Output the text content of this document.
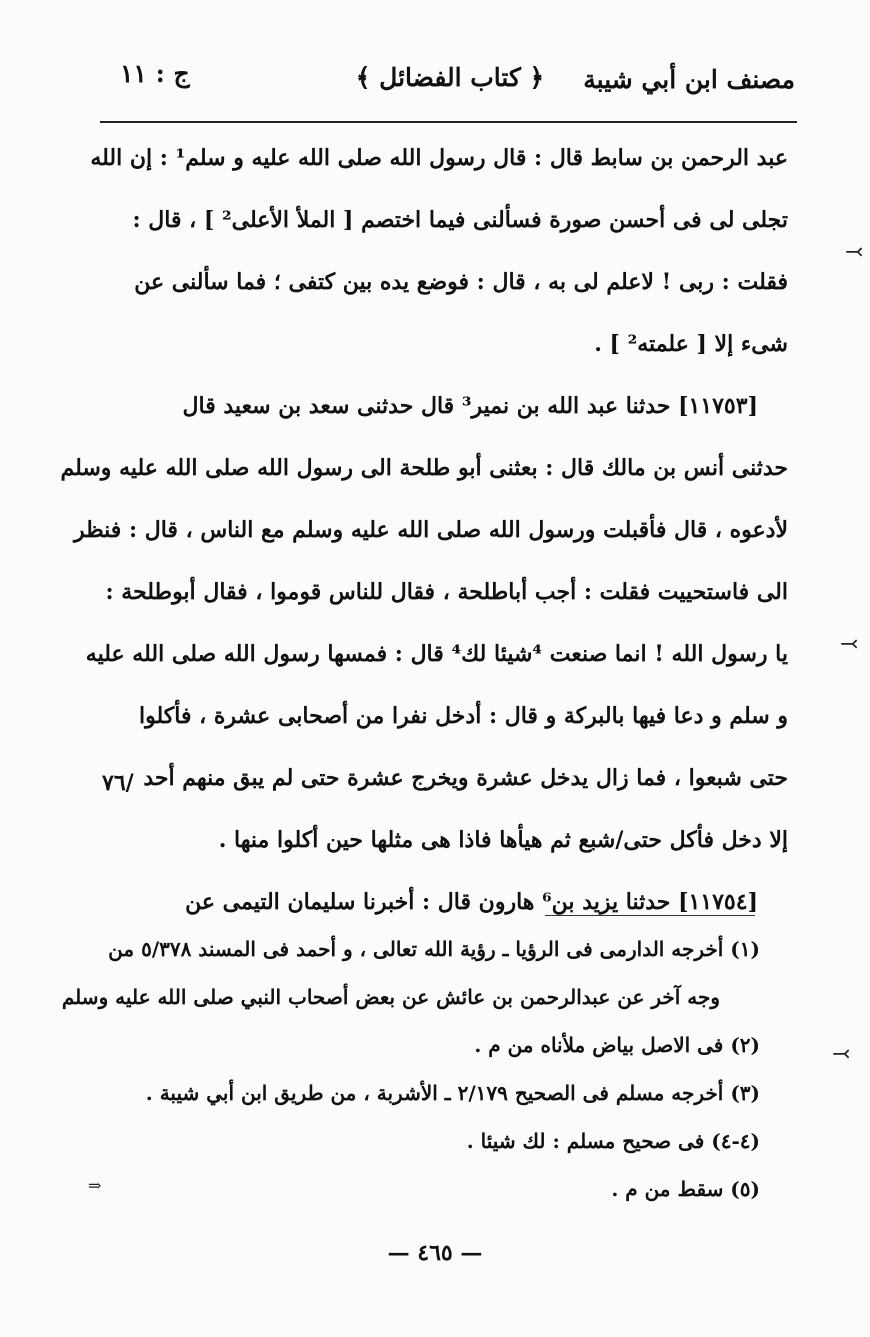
مصنف ابن أبي شيبة
﴿ كتاب الفضائل ﴾
ج : ١١
عبد الرحمن بن سابط قال : قال رسول الله صلى الله عليه و سلم¹ : إن الله
تجلى لى فى أحسن صورة فسألنى فيما اختصم [ الملأ الأعلى² ] ، قال :
فقلت : ربى ! لاعلم لى به ، قال : فوضع يده بين كتفى ؛ فما سألنى عن
شىء إلا [ علمته² ] .
[١١٧٥٣] حدثنا عبد الله بن نمير³ قال حدثنى سعد بن سعيد قال
حدثنى أنس بن مالك قال : بعثنى أبو طلحة الى رسول الله صلى الله عليه وسلم
لأدعوه ، قال فأقبلت ورسول الله صلى الله عليه وسلم مع الناس ، قال : فنظر
الى فاستحييت فقلت : أجب أباطلحة ، فقال للناس قوموا ، فقال أبوطلحة :
يا رسول الله ! انما صنعت ⁴شيئا لك⁴ قال : فمسها رسول الله صلى الله عليه
و سلم و دعا فيها بالبركة و قال : أدخل نفرا من أصحابى عشرة ، فأكلوا
حتى شبعوا ، فما زال يدخل عشرة ويخرج عشرة حتى لم يبق منهم أحد
إلا دخل فأكل حتى/شبع ثم هيأها فاذا هى مثلها حين أكلوا منها .
[١١٧٥٤] حدثنا يزيد بن⁶ هارون قال : أخبرنا سليمان التيمى عن
٧٦/
(١) أخرجه الدارمى فى الرؤيا ـ رؤية الله تعالى ، و أحمد فى المسند ٥/٣٧٨ من
وجه آخر عن عبدالرحمن بن عائش عن بعض أصحاب النبي صلى الله عليه وسلم
(٢) فى الاصل بياض ملأناه من م .
(٣) أخرجه مسلم فى الصحيح ٢/١٧٩ ـ الأشربة ، من طريق ابن أبي شيبة .
(٤-٤) فى صحيح مسلم : لك شيئا .
(٥) سقط من م .
— ٤٦٥ —
⤙
⤙
⤙
⇒
